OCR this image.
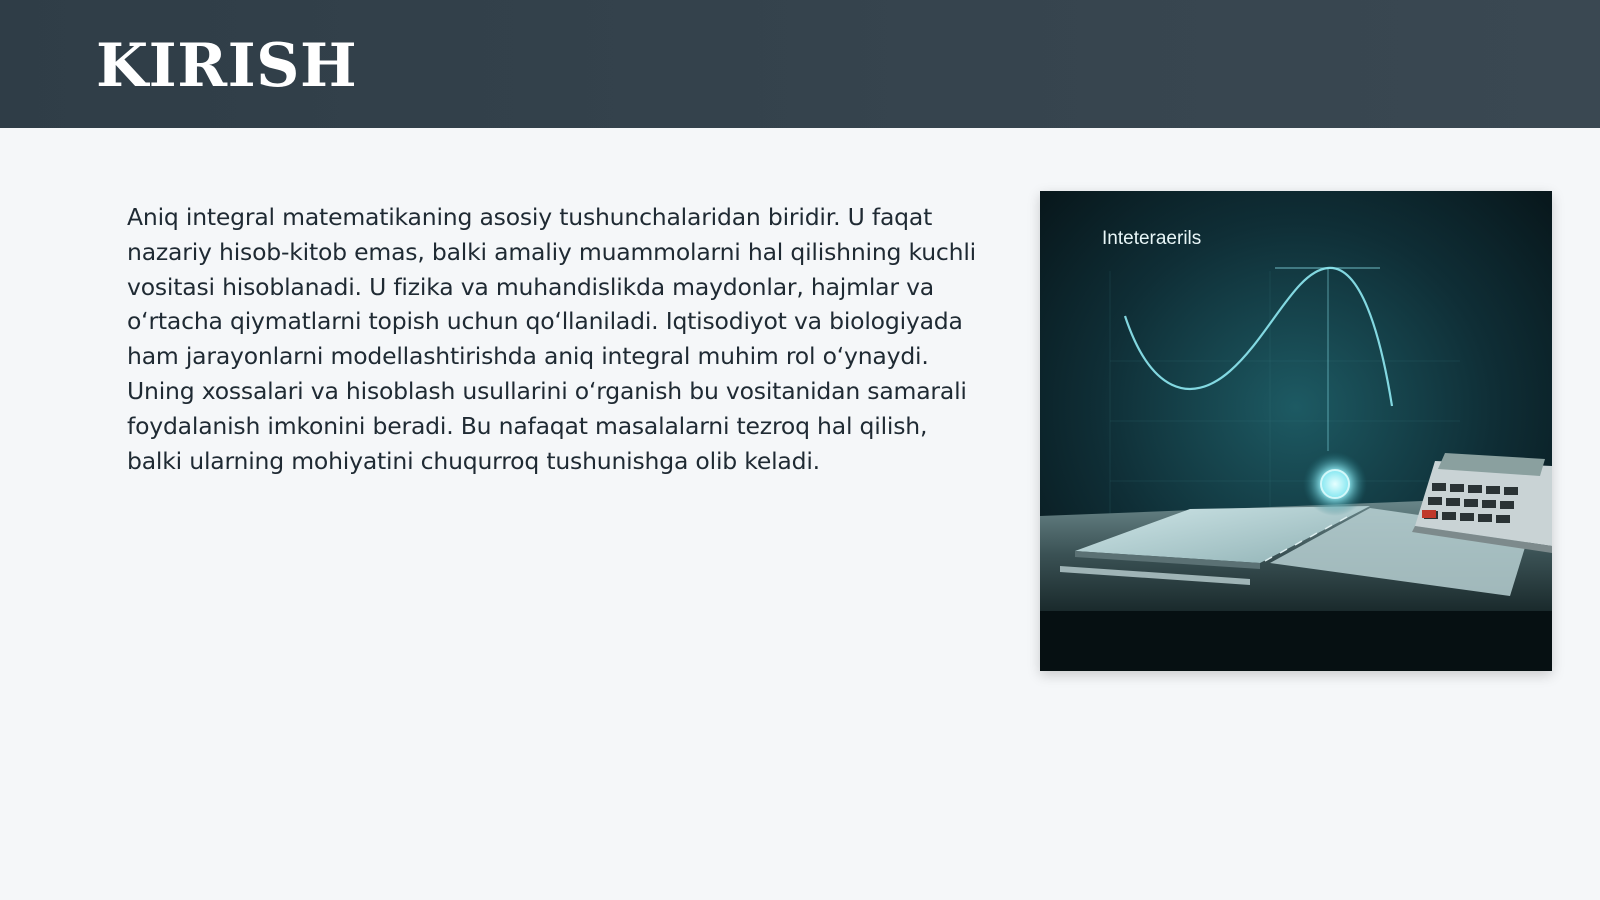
KIRISH

Aniq integral matematikaning asosiy tushunchalaridan biridir. U faqat nazariy hisob-kitob emas, balki amaliy muammolarni hal qilishning kuchli vositasi hisoblanadi. U fizika va muhandislikda maydonlar, hajmlar va oʻrtacha qiymatlarni topish uchun qoʻllaniladi. Iqtisodiyot va biologiyada ham jarayonlarni modellashtirishda aniq integral muhim rol oʻynaydi. Uning xossalari va hisoblash usullarini oʻrganish bu vositanidan samarali foydalanish imkonini beradi. Bu nafaqat masalalarni tezroq hal qilish, balki ularning mohiyatini chuqurroq tushunishga olib keladi.

Inteteraerils
